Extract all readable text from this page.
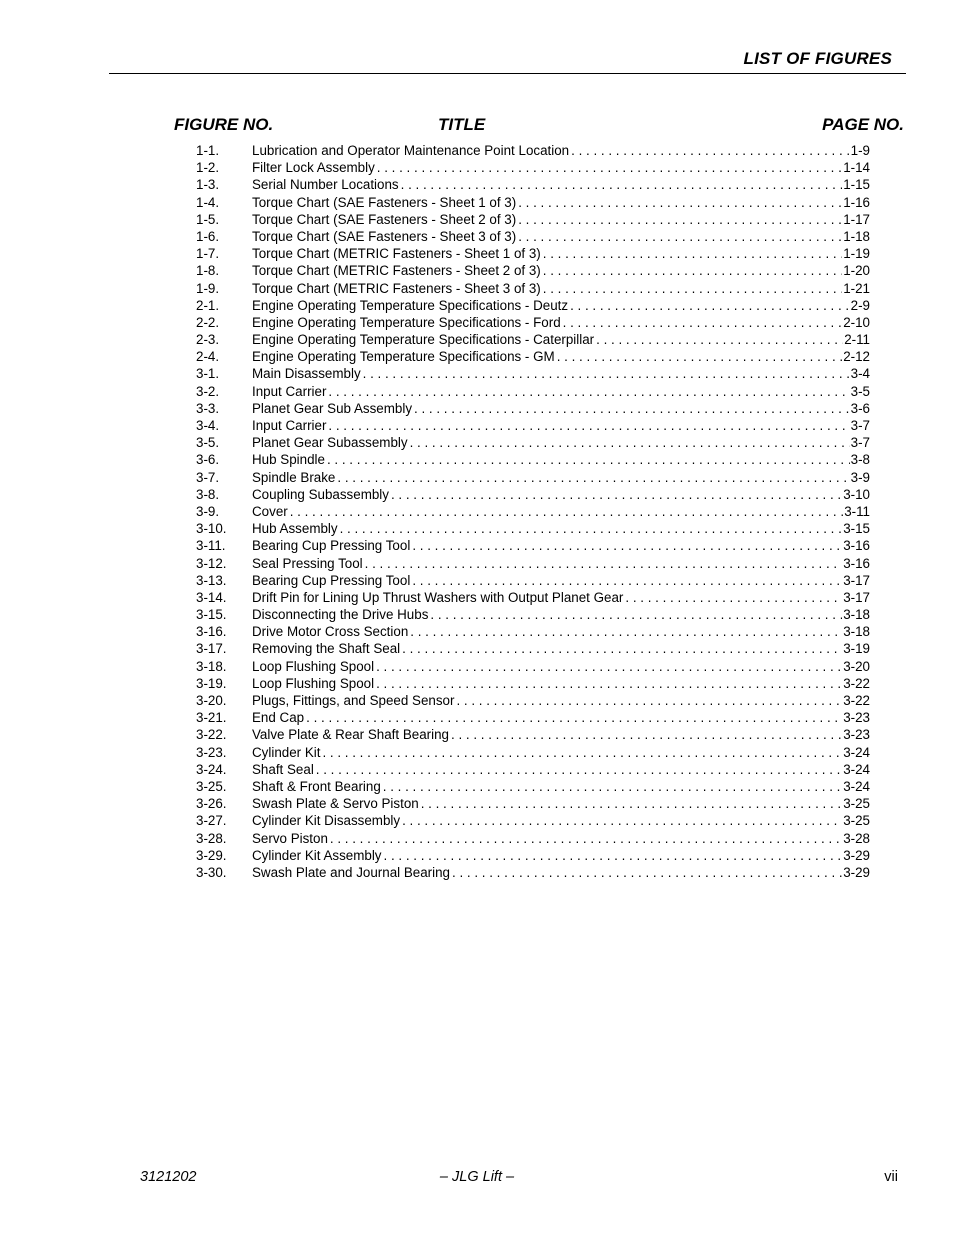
LIST OF FIGURES
FIGURE NO.	TITLE	PAGE NO.
1-1.	Lubrication and Operator Maintenance Point Location . . .	1-9
1-2.	Filter Lock Assembly . . .	1-14
1-3.	Serial Number Locations . . .	1-15
1-4.	Torque Chart (SAE Fasteners - Sheet 1 of 3) . . .	1-16
1-5.	Torque Chart (SAE Fasteners - Sheet 2 of 3) . . .	1-17
1-6.	Torque Chart (SAE Fasteners - Sheet 3 of 3) . . .	1-18
1-7.	Torque Chart (METRIC Fasteners - Sheet 1 of 3) . . .	1-19
1-8.	Torque Chart (METRIC Fasteners - Sheet 2 of 3) . . .	1-20
1-9.	Torque Chart (METRIC Fasteners - Sheet 3 of 3) . . .	1-21
2-1.	Engine Operating Temperature Specifications - Deutz . . .	2-9
2-2.	Engine Operating Temperature Specifications - Ford . . .	2-10
2-3.	Engine Operating Temperature Specifications - Caterpillar . . .	2-11
2-4.	Engine Operating Temperature Specifications - GM . . .	2-12
3-1.	Main Disassembly . . .	3-4
3-2.	Input Carrier . . .	3-5
3-3.	Planet Gear Sub Assembly . . .	3-6
3-4.	Input Carrier . . .	3-7
3-5.	Planet Gear Subassembly . . .	3-7
3-6.	Hub Spindle . . .	3-8
3-7.	Spindle Brake . . .	3-9
3-8.	Coupling Subassembly . . .	3-10
3-9.	Cover . . .	3-11
3-10.	Hub Assembly . . .	3-15
3-11.	Bearing Cup Pressing Tool . . .	3-16
3-12.	Seal Pressing Tool . . .	3-16
3-13.	Bearing Cup Pressing Tool . . .	3-17
3-14.	Drift Pin for Lining Up Thrust Washers with Output Planet Gear . . .	3-17
3-15.	Disconnecting the Drive Hubs . . .	3-18
3-16.	Drive Motor Cross Section . . .	3-18
3-17.	Removing the Shaft Seal . . .	3-19
3-18.	Loop Flushing Spool . . .	3-20
3-19.	Loop Flushing Spool . . .	3-22
3-20.	Plugs, Fittings, and Speed Sensor . . .	3-22
3-21.	End Cap . . .	3-23
3-22.	Valve Plate & Rear Shaft Bearing . . .	3-23
3-23.	Cylinder Kit . . .	3-24
3-24.	Shaft Seal . . .	3-24
3-25.	Shaft & Front Bearing . . .	3-24
3-26.	Swash Plate & Servo Piston . . .	3-25
3-27.	Cylinder Kit Disassembly . . .	3-25
3-28.	Servo Piston . . .	3-28
3-29.	Cylinder Kit Assembly . . .	3-29
3-30.	Swash Plate and Journal Bearing . . .	3-29
3121202	– JLG Lift –	vii
